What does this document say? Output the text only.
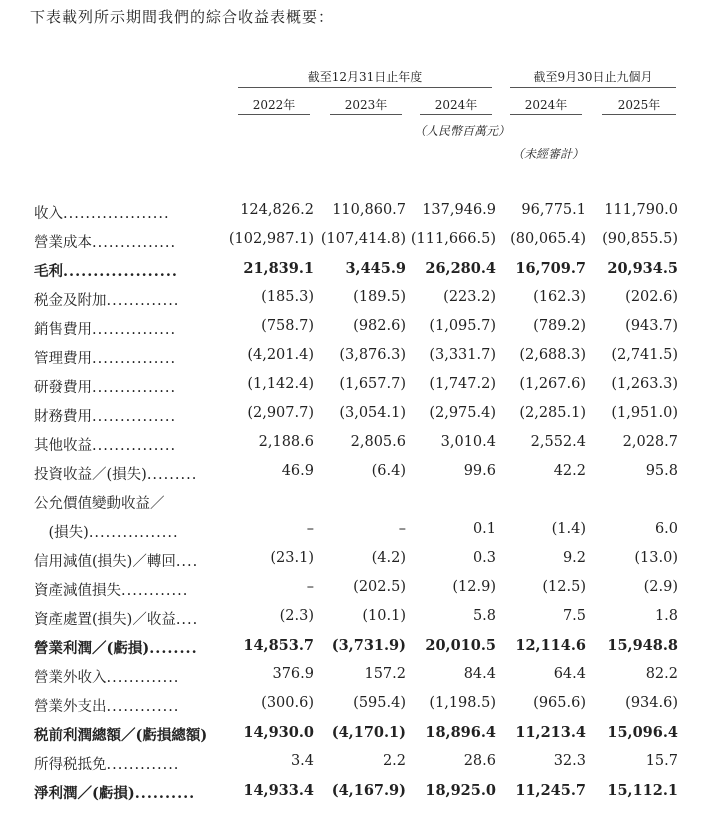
下表載列所示期間我們的綜合收益表概要：
截至12月31日止年度	截至9月30日止九個月
2022年	2023年	2024年	2024年	2025年
（人民幣百萬元）
（未經審計）
收入...................	124,826.2	110,860.7	137,946.9	96,775.1	111,790.0
營業成本...............	(102,987.1) (107,414.8) (111,666.5) (80,065.4)	(90,855.5)
毛利...................	21,839.1	3,445.9	26,280.4	16,709.7	20,934.5
税金及附加.............	(185.3)	(189.5)	(223.2)	(162.3)	(202.6)
銷售費用...............	(758.7)	(982.6)	(1,095.7)	(789.2)	(943.7)
管理費用...............	(4,201.4)	(3,876.3)	(3,331.7)	(2,688.3)	(2,741.5)
研發費用...............	(1,142.4)	(1,657.7)	(1,747.2)	(1,267.6)	(1,263.3)
財務費用...............	(2,907.7)	(3,054.1)	(2,975.4)	(2,285.1)	(1,951.0)
其他收益...............	2,188.6	2,805.6	3,010.4	2,552.4	2,028.7
投資收益／(損失).........	46.9	(6.4)	99.6	42.2	95.8
公允價值變動收益／
　(損失)................	–	–	0.1	(1.4)	6.0
信用減值(損失)／轉回....	(23.1)	(4.2)	0.3	9.2	(13.0)
資產減值損失............	–	(202.5)	(12.9)	(12.5)	(2.9)
資產處置(損失)／收益....	(2.3)	(10.1)	5.8	7.5	1.8
營業利潤／(虧損)........	14,853.7	(3,731.9)	20,010.5	12,114.6	15,948.8
營業外收入.............	376.9	157.2	84.4	64.4	82.2
營業外支出.............	(300.6)	(595.4)	(1,198.5)	(965.6)	(934.6)
税前利潤總額／(虧損總額)	14,930.0	(4,170.1)	18,896.4	11,213.4	15,096.4
所得税抵免.............	3.4	2.2	28.6	32.3	15.7
淨利潤／(虧損)..........	14,933.4	(4,167.9)	18,925.0	11,245.7	15,112.1
